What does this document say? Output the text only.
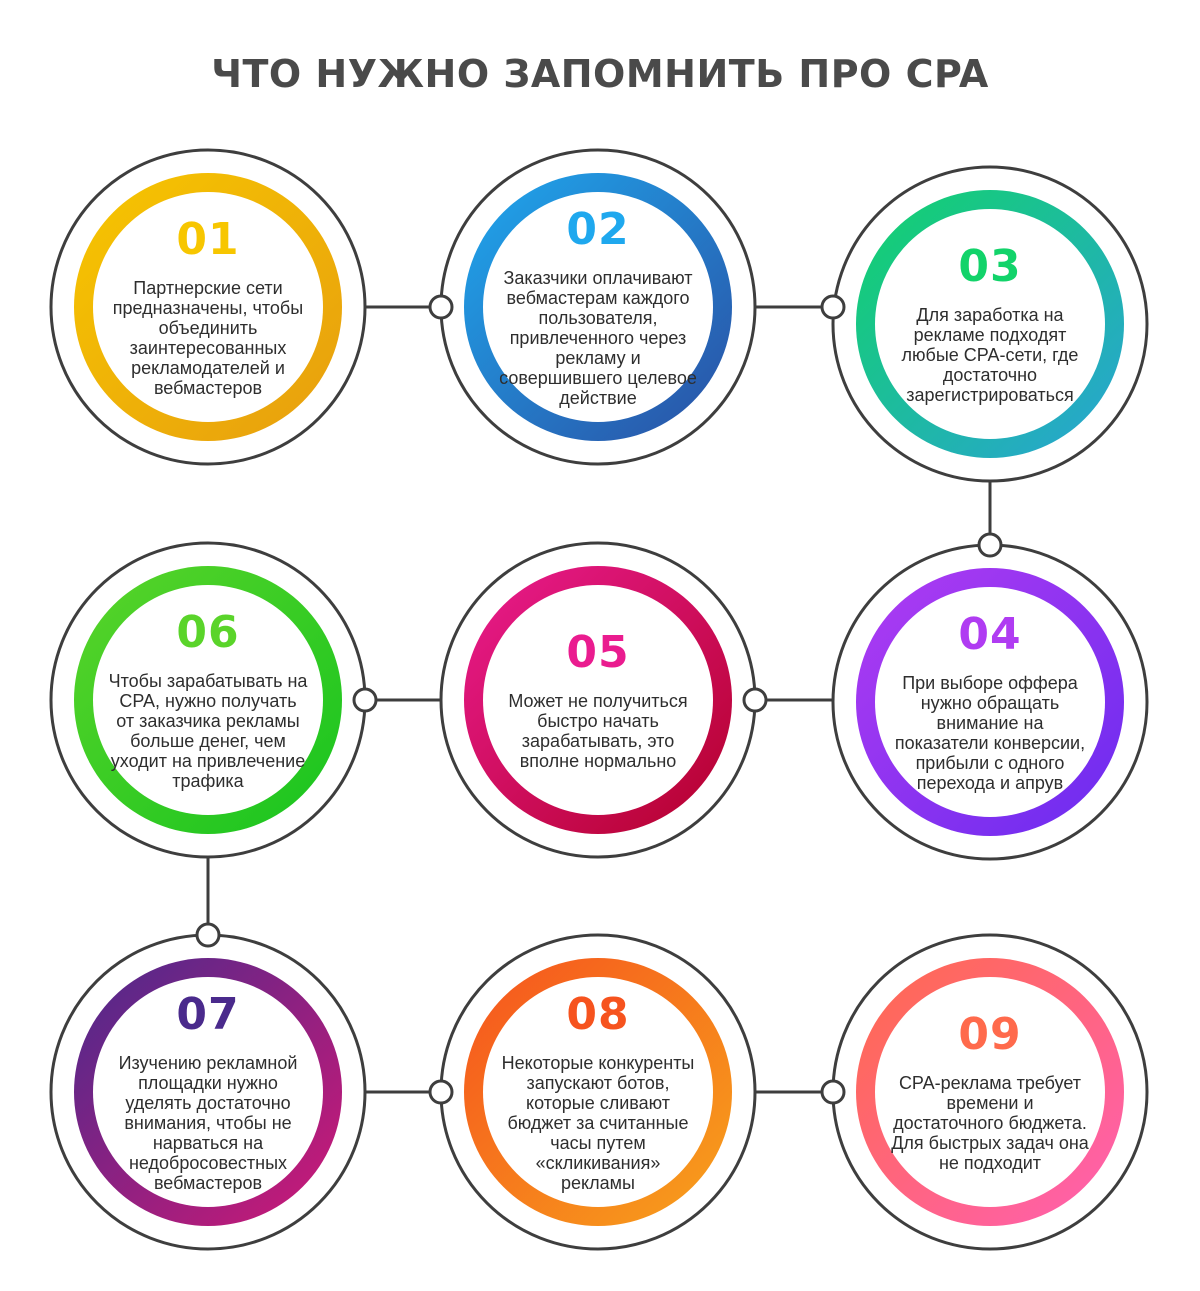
ЧТО НУЖНО ЗАПОМНИТЬ ПРО CPA
01
Партнерские сети предназначены, чтобы объединить заинтересованных рекламодателей и вебмастеров
02
Заказчики оплачивают вебмастерам каждого пользователя, привлеченного через рекламу и совершившего целевое действие
03
Для заработка на рекламе подходят любые CPA-сети, где достаточно зарегистрироваться
04
При выборе оффера нужно обращать внимание на показатели конверсии, прибыли с одного перехода и апрув
05
Может не получиться быстро начать зарабатывать, это вполне нормально
06
Чтобы зарабатывать на CPA, нужно получать от заказчика рекламы больше денег, чем уходит на привлечение трафика
07
Изучению рекламной площадки нужно уделять достаточно внимания, чтобы не нарваться на недобросовестных вебмастеров
08
Некоторые конкуренты запускают ботов, которые сливают бюджет за считанные часы путем «скликивания» рекламы
09
CPA-реклама требует времени и достаточного бюджета. Для быстрых задач она не подходит
